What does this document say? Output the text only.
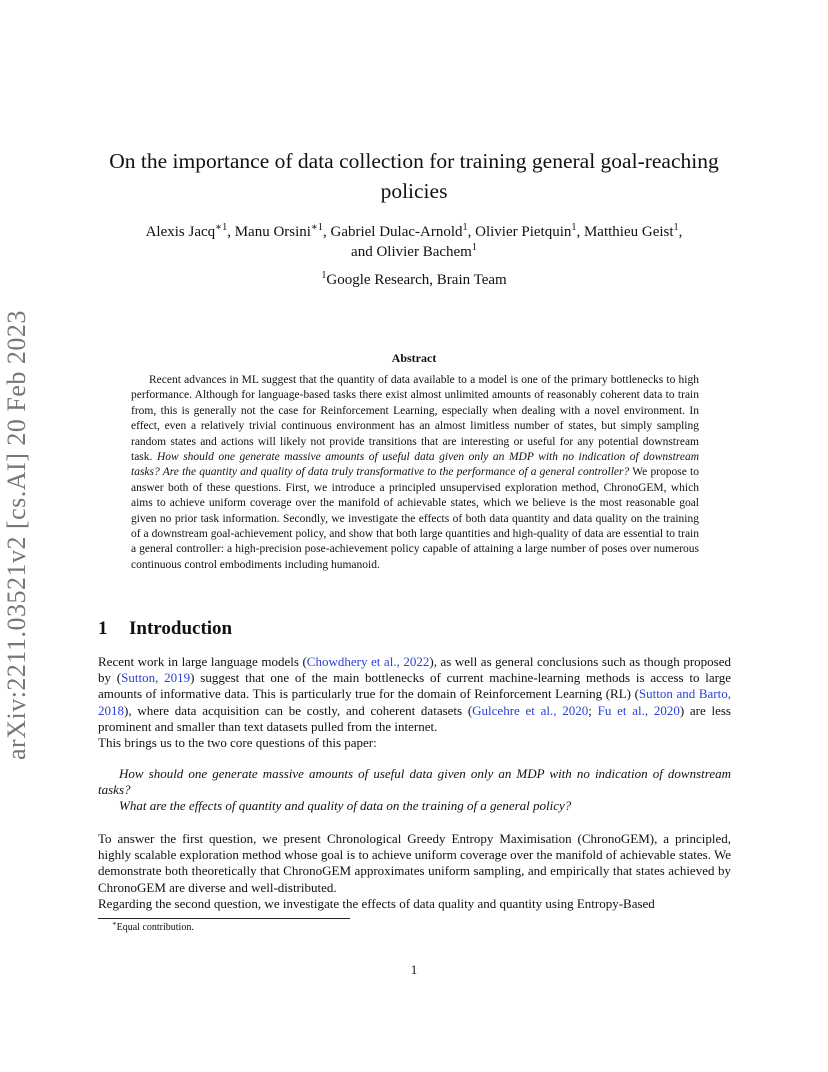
arXiv:2211.03521v2 [cs.AI] 20 Feb 2023
On the importance of data collection for training general goal-reaching policies
Alexis Jacq$^{∗1}$, Manu Orsini$^{∗1}$, Gabriel Dulac-Arnold$^1$, Olivier Pietquin$^1$, Matthieu Geist$^1$,
and Olivier Bachem$^1$
$^1$Google Research, Brain Team
Abstract
Recent advances in ML suggest that the quantity of data available to a model is one of the primary bottlenecks to high performance. Although for language-based tasks there exist almost unlimited amounts of reasonably coherent data to train from, this is generally not the case for Reinforcement Learning, especially when dealing with a novel environment. In effect, even a relatively trivial continuous environment has an almost limitless number of states, but simply sampling random states and actions will likely not provide transitions that are interesting or useful for any potential downstream task. How should one generate massive amounts of useful data given only an MDP with no indication of downstream tasks? Are the quantity and quality of data truly transformative to the performance of a general controller? We propose to answer both of these questions. First, we introduce a principled unsupervised exploration method, ChronoGEM, which aims to achieve uniform coverage over the manifold of achievable states, which we believe is the most reasonable goal given no prior task information. Secondly, we investigate the effects of both data quantity and data quality on the training of a downstream goal-achievement policy, and show that both large quantities and high-quality of data are essential to train a general controller: a high-precision pose-achievement policy capable of attaining a large number of poses over numerous continuous control embodiments including humanoid.
1 Introduction
Recent work in large language models (Chowdhery et al., 2022), as well as general conclusions such as though proposed by (Sutton, 2019) suggest that one of the main bottlenecks of current machine-learning methods is access to large amounts of informative data. This is particularly true for the domain of Reinforcement Learning (RL) (Sutton and Barto, 2018), where data acquisition can be costly, and coherent datasets (Gulcehre et al., 2020; Fu et al., 2020) are less prominent and smaller than text datasets pulled from the internet.
This brings us to the two core questions of this paper:
How should one generate massive amounts of useful data given only an MDP with no indication of downstream tasks?
What are the effects of quantity and quality of data on the training of a general policy?
To answer the first question, we present Chronological Greedy Entropy Maximisation (ChronoGEM), a principled, highly scalable exploration method whose goal is to achieve uniform coverage over the manifold of achievable states. We demonstrate both theoretically that ChronoGEM approximates uniform sampling, and empirically that states achieved by ChronoGEM are diverse and well-distributed.
Regarding the second question, we investigate the effects of data quality and quantity using Entropy-Based
∗Equal contribution.
1
